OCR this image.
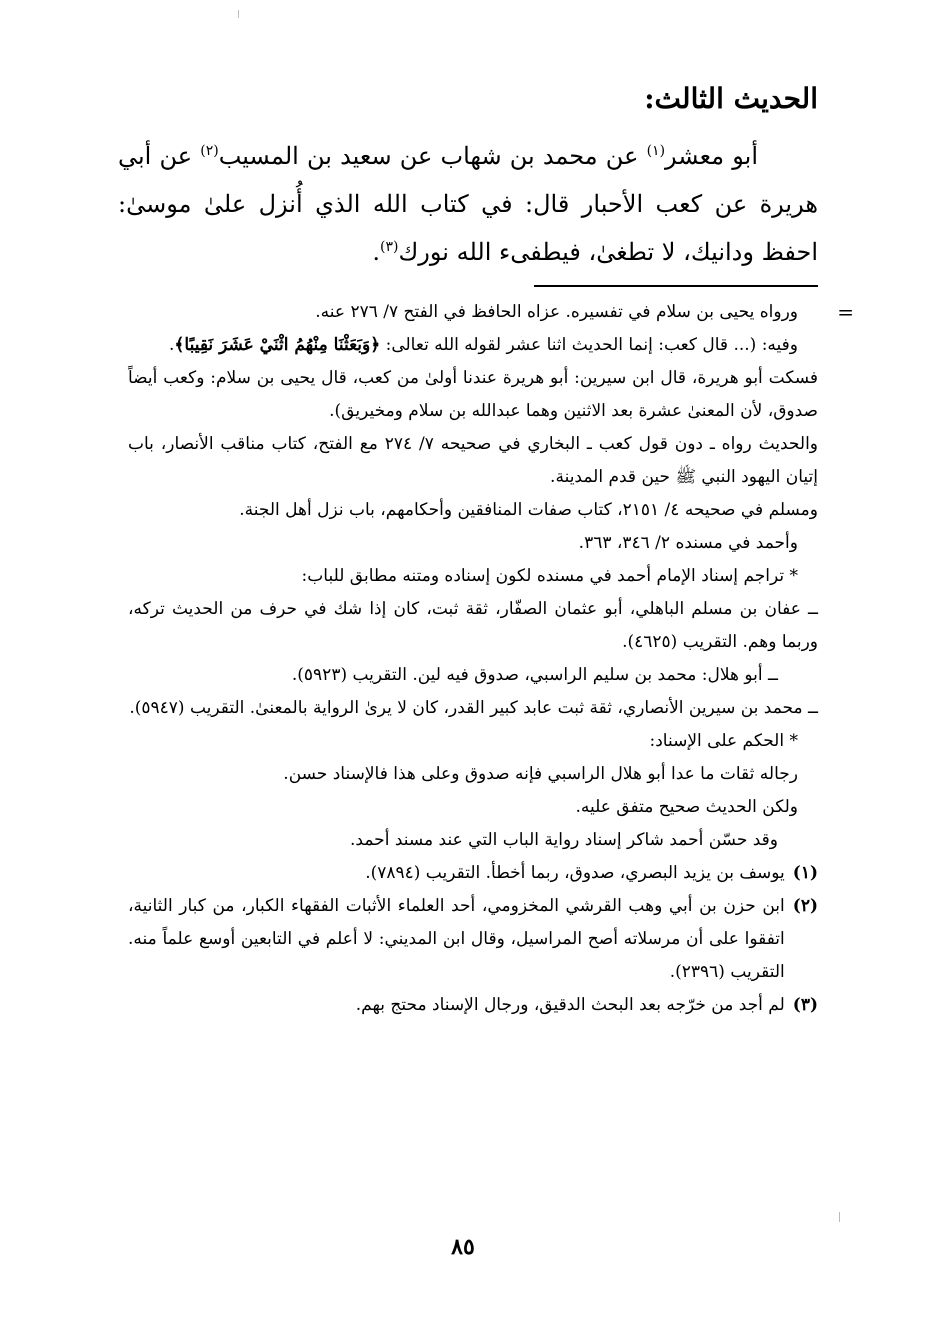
الحديث الثالث:

أبو معشر$^{(١)}$ عن محمد بن شهاب عن سعيد بن المسيب$^{(٢)}$ عن أبي هريرة عن كعب الأحبار قال: في كتاب الله الذي أُنزل علىٰ موسىٰ: احفظ ودانيك، لا تطغىٰ، فيطفىء الله نورك$^{(٣)}$.

=

ورواه يحيى بن سلام في تفسيره. عزاه الحافظ في الفتح ٧/ ٢٧٦ عنه.

وفيه: (... قال كعب: إنما الحديث اثنا عشر لقوله الله تعالى: ﴿وَبَعَثْنَا مِنْهُمُ اثْنَيْ عَشَرَ نَقِيبًا﴾.

فسكت أبو هريرة، قال ابن سيرين: أبو هريرة عندنا أولىٰ من كعب، قال يحيى بن سلام: وكعب أيضاً صدوق، لأن المعنىٰ عشرة بعد الاثنين وهما عبدالله بن سلام ومخيريق).

والحديث رواه ـ دون قول كعب ـ البخاري في صحيحه ٧/ ٢٧٤ مع الفتح، كتاب مناقب الأنصار، باب إتيان اليهود النبي ﷺ حين قدم المدينة.

ومسلم في صحيحه ٤/ ٢١٥١، كتاب صفات المنافقين وأحكامهم، باب نزل أهل الجنة.

وأحمد في مسنده ٢/ ٣٤٦، ٣٦٣.

* تراجم إسناد الإمام أحمد في مسنده لكون إسناده ومتنه مطابق للباب:

ــ عفان بن مسلم الباهلي، أبو عثمان الصفّار، ثقة ثبت، كان إذا شك في حرف من الحديث تركه، وربما وهم. التقريب (٤٦٢٥).

ــ أبو هلال: محمد بن سليم الراسبي، صدوق فيه لين. التقريب (٥٩٢٣).

ــ محمد بن سيرين الأنصاري، ثقة ثبت عابد كبير القدر، كان لا يرىٰ الرواية بالمعنىٰ. التقريب (٥٩٤٧).

* الحكم على الإسناد:

رجاله ثقات ما عدا أبو هلال الراسبي فإنه صدوق وعلى هذا فالإسناد حسن.

ولكن الحديث صحيح متفق عليه.

وقد حسّن أحمد شاكر إسناد رواية الباب التي عند مسند أحمد.

(١)
يوسف بن يزيد البصري، صدوق، ربما أخطأ. التقريب (٧٨٩٤).
(٢)
ابن حزن بن أبي وهب القرشي المخزومي، أحد العلماء الأثبات الفقهاء الكبار، من كبار الثانية، اتفقوا على أن مرسلاته أصح المراسيل، وقال ابن المديني: لا أعلم في التابعين أوسع علماً منه. التقريب (٢٣٩٦).
(٣)
لم أجد من خرّجه بعد البحث الدقيق، ورجال الإسناد محتج بهم.
٨٥
